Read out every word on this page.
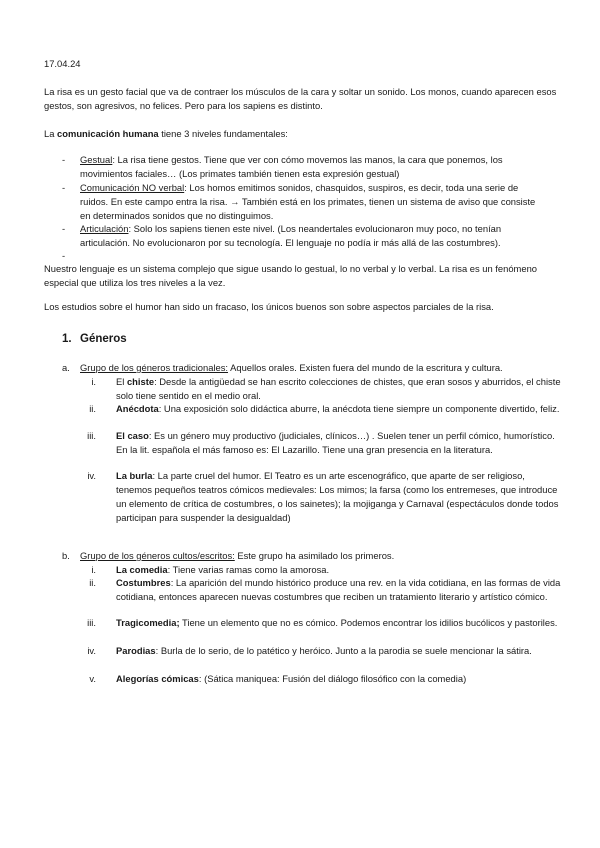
17.04.24

La risa es un gesto facial que va de contraer los músculos de la cara y soltar un sonido. Los monos, cuando aparecen esos gestos, son agresivos, no felices. Pero para los sapiens es distinto.

La comunicación humana tiene 3 niveles fundamentales:

- Gestual: La risa tiene gestos. Tiene que ver con cómo movemos las manos, la cara que ponemos, los movimientos faciales… (Los primates también tienen esta expresión gestual)

- Comunicación NO verbal: Los homos emitimos sonidos, chasquidos, suspiros, es decir, toda una serie de ruidos. En este campo entra la risa. → También está en los primates, tienen un sistema de aviso que consiste en determinados sonidos que no distinguimos.

- Articulación: Solo los sapiens tienen este nivel. (Los neandertales evolucionaron muy poco, no tenían articulación. No evolucionaron por su tecnología. El lenguaje no podía ir más allá de las costumbres).

-

Nuestro lenguaje es un sistema complejo que sigue usando lo gestual, lo no verbal y lo verbal. La risa es un fenómeno especial que utiliza los tres niveles a la vez.

Los estudios sobre el humor han sido un fracaso, los únicos buenos son sobre aspectos parciales de la risa.

1. Géneros
a. Grupo de los géneros tradicionales: Aquellos orales. Existen fuera del mundo de la escritura y cultura.

i. El chiste: Desde la antigüedad se han escrito colecciones de chistes, que eran sosos y aburridos, el chiste solo tiene sentido en el medio oral.

ii. Anécdota: Una exposición solo didáctica aburre, la anécdota tiene siempre un componente divertido, feliz.

iii. El caso: Es un género muy productivo (judiciales, clínicos…) . Suelen tener un perfil cómico, humorístico. En la lit. española el más famoso es: El Lazarillo. Tiene una gran presencia en la literatura.

iv. La burla: La parte cruel del humor. El Teatro es un arte escenográfico, que aparte de ser religioso, tenemos pequeños teatros cómicos medievales: Los mimos; la farsa (como los entremeses, que introduce un elemento de crítica de costumbres, o los sainetes); la mojiganga y Carnaval (espectáculos donde todos participan para suspender la desigualdad)

b. Grupo de los géneros cultos/escritos: Este grupo ha asimilado los primeros.

i. La comedia: Tiene varias ramas como la amorosa.

ii. Costumbres: La aparición del mundo histórico produce una rev. en la vida cotidiana, en las formas de vida cotidiana, entonces aparecen nuevas costumbres que reciben un tratamiento literario y artístico cómico.

iii. Tragicomedia; Tiene un elemento que no es cómico. Podemos encontrar los idilios bucólicos y pastoriles.

iv. Parodias: Burla de lo serio, de lo patético y heróico. Junto a la parodia se suele mencionar la sátira.

v. Alegorías cómicas: (Sática maniquea: Fusión del diálogo filosófico con la comedia)
